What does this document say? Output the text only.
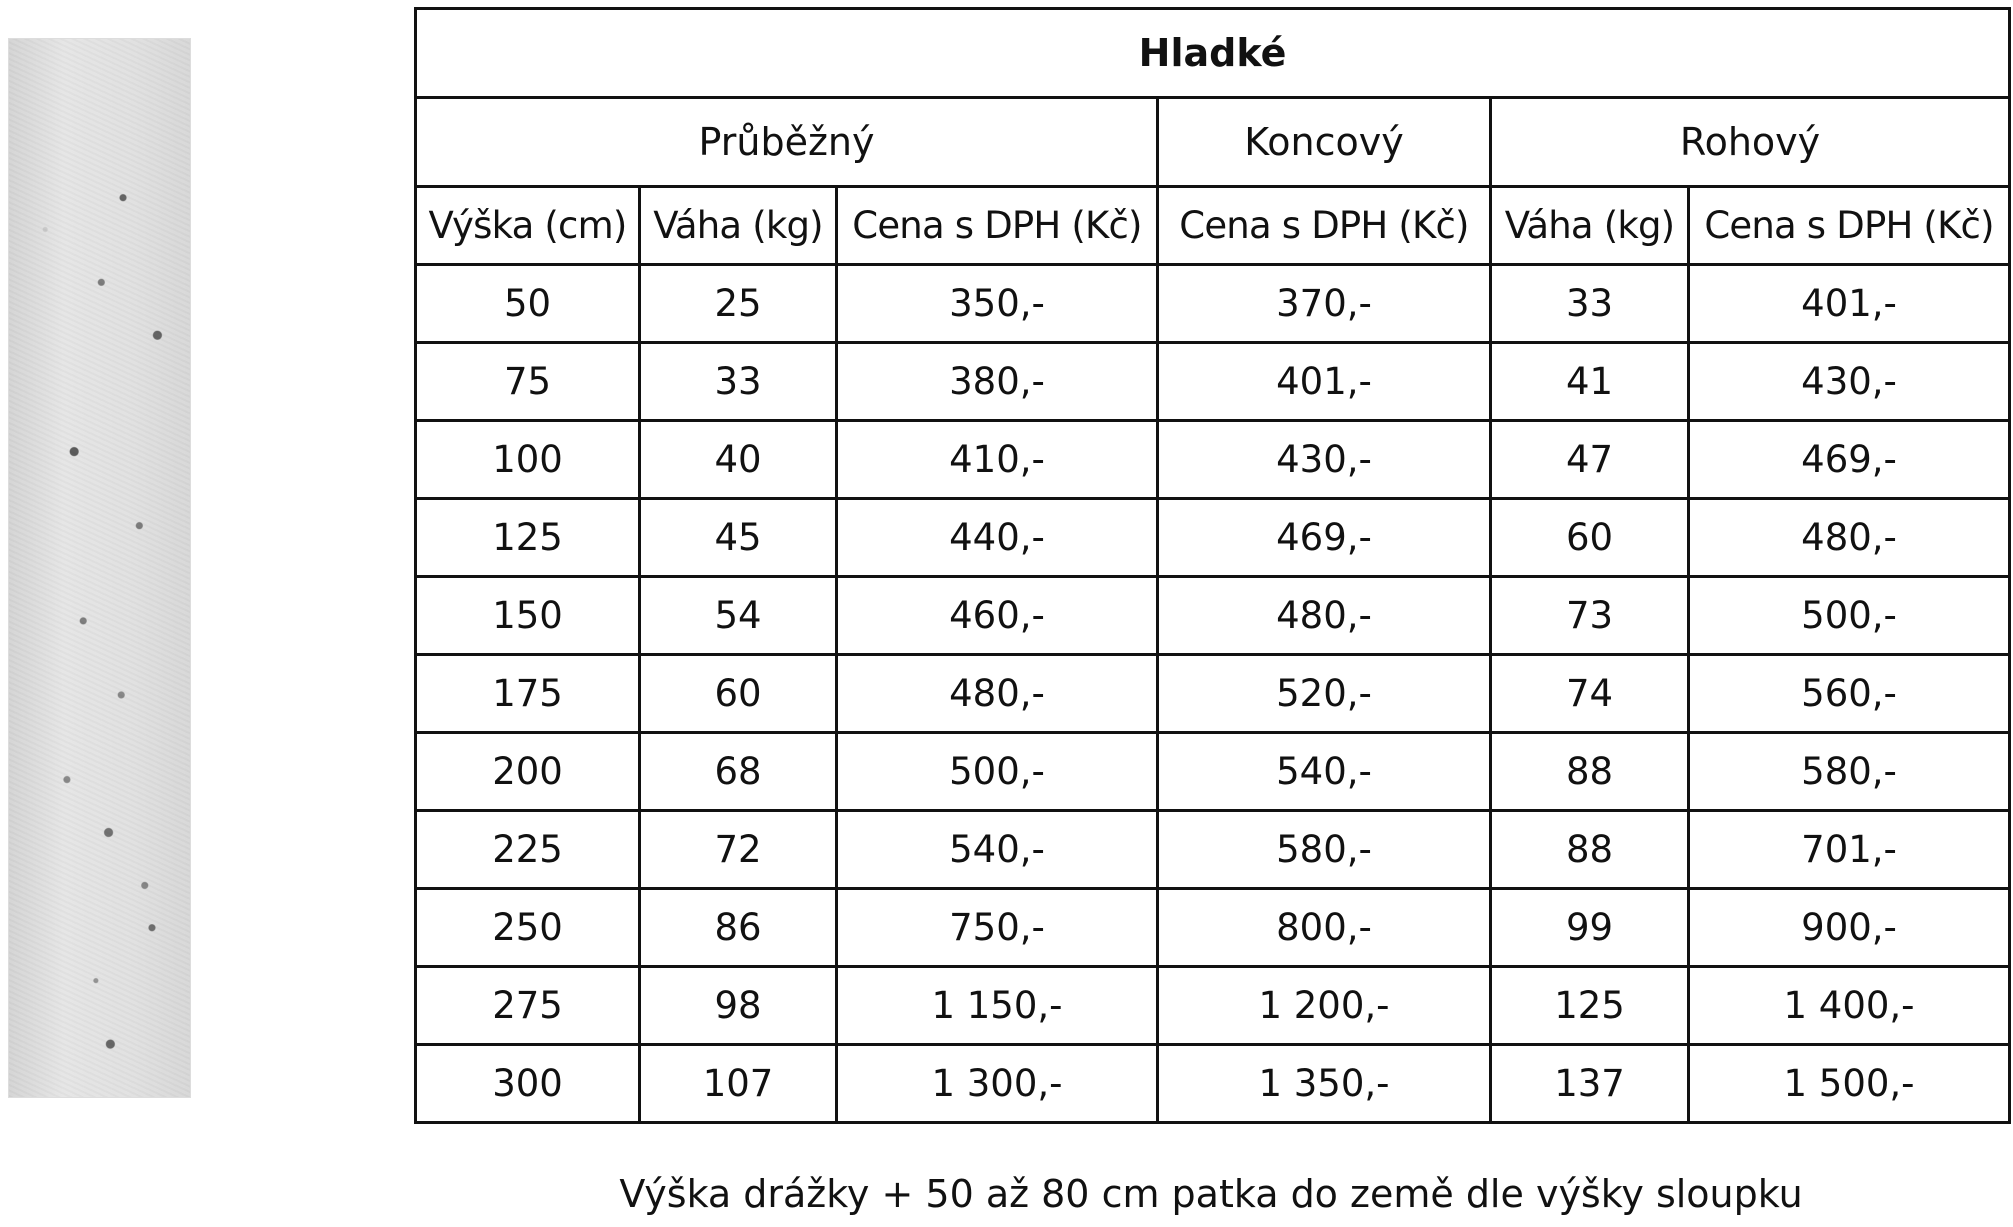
Hladké					
Průběžný			Koncový	Rohový	
Výška (cm)	Váha (kg)	Cena s DPH (Kč)	Cena s DPH (Kč)	Váha (kg)	Cena s DPH (Kč)
50	25	350,-	370,-	33	401,-
75	33	380,-	401,-	41	430,-
100	40	410,-	430,-	47	469,-
125	45	440,-	469,-	60	480,-
150	54	460,-	480,-	73	500,-
175	60	480,-	520,-	74	560,-
200	68	500,-	540,-	88	580,-
225	72	540,-	580,-	88	701,-
250	86	750,-	800,-	99	900,-
275	98	1 150,-	1 200,-	125	1 400,-
300	107	1 300,-	1 350,-	137	1 500,-
Výška drážky + 50 až 80 cm patka do země dle výšky sloupku
